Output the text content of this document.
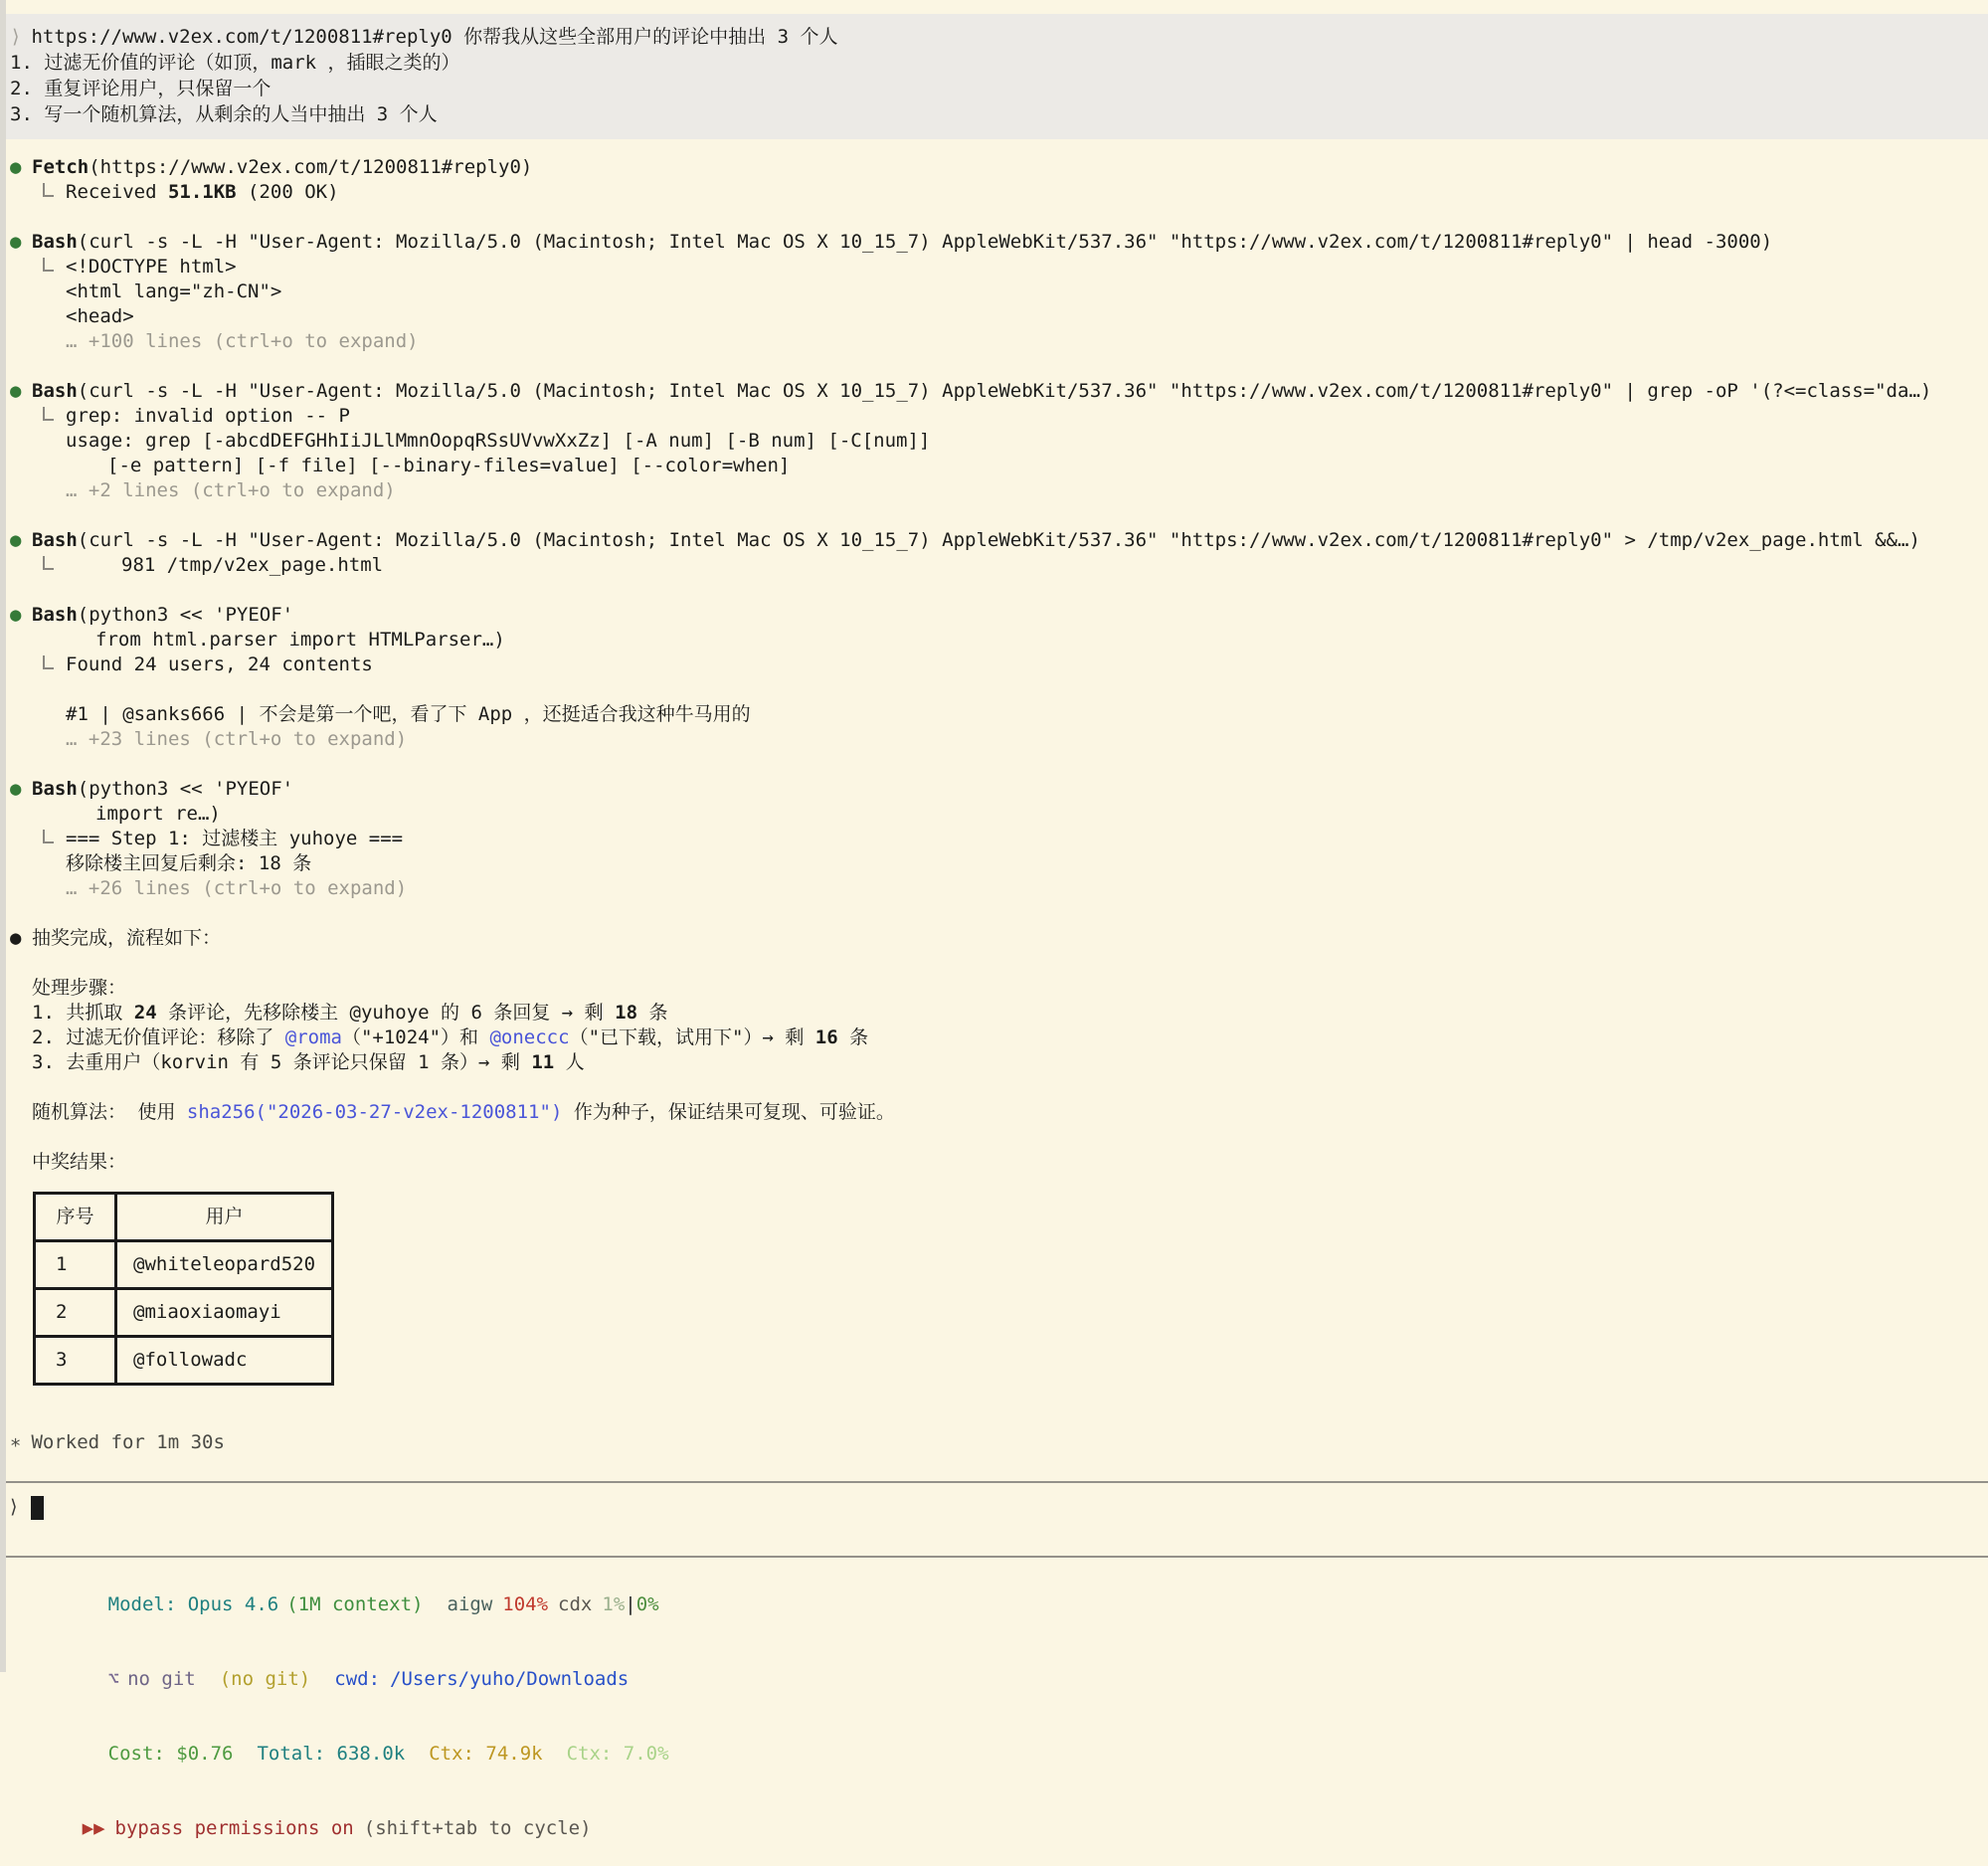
⟩ https://www.v2ex.com/t/1200811#reply0 你帮我从这些全部用户的评论中抽出 3 个人
1. 过滤无价值的评论（如顶，mark ，插眼之类的）
2. 重复评论用户，只保留一个
3. 写一个随机算法，从剩余的人当中抽出 3 个人
● Fetch(https://www.v2ex.com/t/1200811#reply0)
Received 51.1KB (200 OK)
● Bash(curl -s -L -H "User-Agent: Mozilla/5.0 (Macintosh; Intel Mac OS X 10_15_7) AppleWebKit/537.36" "https://www.v2ex.com/t/1200811#reply0" | head -3000)
<!DOCTYPE html>
<html lang="zh-CN">
<head>
… +100 lines (ctrl+o to expand)
● Bash(curl -s -L -H "User-Agent: Mozilla/5.0 (Macintosh; Intel Mac OS X 10_15_7) AppleWebKit/537.36" "https://www.v2ex.com/t/1200811#reply0" | grep -oP '(?<=class="da…)
grep: invalid option -- P
usage: grep [-abcdDEFGHhIiJLlMmnOopqRSsUVvwXxZz] [-A num] [-B num] [-C[num]]
[-e pattern] [-f file] [--binary-files=value] [--color=when]
… +2 lines (ctrl+o to expand)
● Bash(curl -s -L -H "User-Agent: Mozilla/5.0 (Macintosh; Intel Mac OS X 10_15_7) AppleWebKit/537.36" "https://www.v2ex.com/t/1200811#reply0" > /tmp/v2ex_page.html &&…)
981 /tmp/v2ex_page.html
● Bash(python3 << 'PYEOF'
from html.parser import HTMLParser…)
Found 24 users, 24 contents
#1 | @sanks666 | 不会是第一个吧，看了下 App ，还挺适合我这种牛马用的
… +23 lines (ctrl+o to expand)
● Bash(python3 << 'PYEOF'
import re…)
=== Step 1: 过滤楼主 yuhoye ===
移除楼主回复后剩余: 18 条
… +26 lines (ctrl+o to expand)
● 抽奖完成，流程如下：
处理步骤：
1. 共抓取 24 条评论，先移除楼主 @yuhoye 的 6 条回复 → 剩 18 条
2. 过滤无价值评论：移除了 @roma（"+1024"）和 @oneccc（"已下载，试用下"）→ 剩 16 条
3. 去重用户（korvin 有 5 条评论只保留 1 条）→ 剩 11 人
随机算法： 使用 sha256("2026-03-27-v2ex-1200811") 作为种子，保证结果可复现、可验证。
中奖结果：
序号	用户
1	@whiteleopard520
2	@miaoxiaomayi
3	@followadc
∗ Worked for 1m 30s
⟩

Model: Opus 4.6 (1M context) aigw 104% cdx 1%|0%

⌥ no git (no git) cwd: /Users/yuho/Downloads

Cost: $0.76 Total: 638.0k Ctx: 74.9k Ctx: 7.0%

▶▶ bypass permissions on (shift+tab to cycle)
